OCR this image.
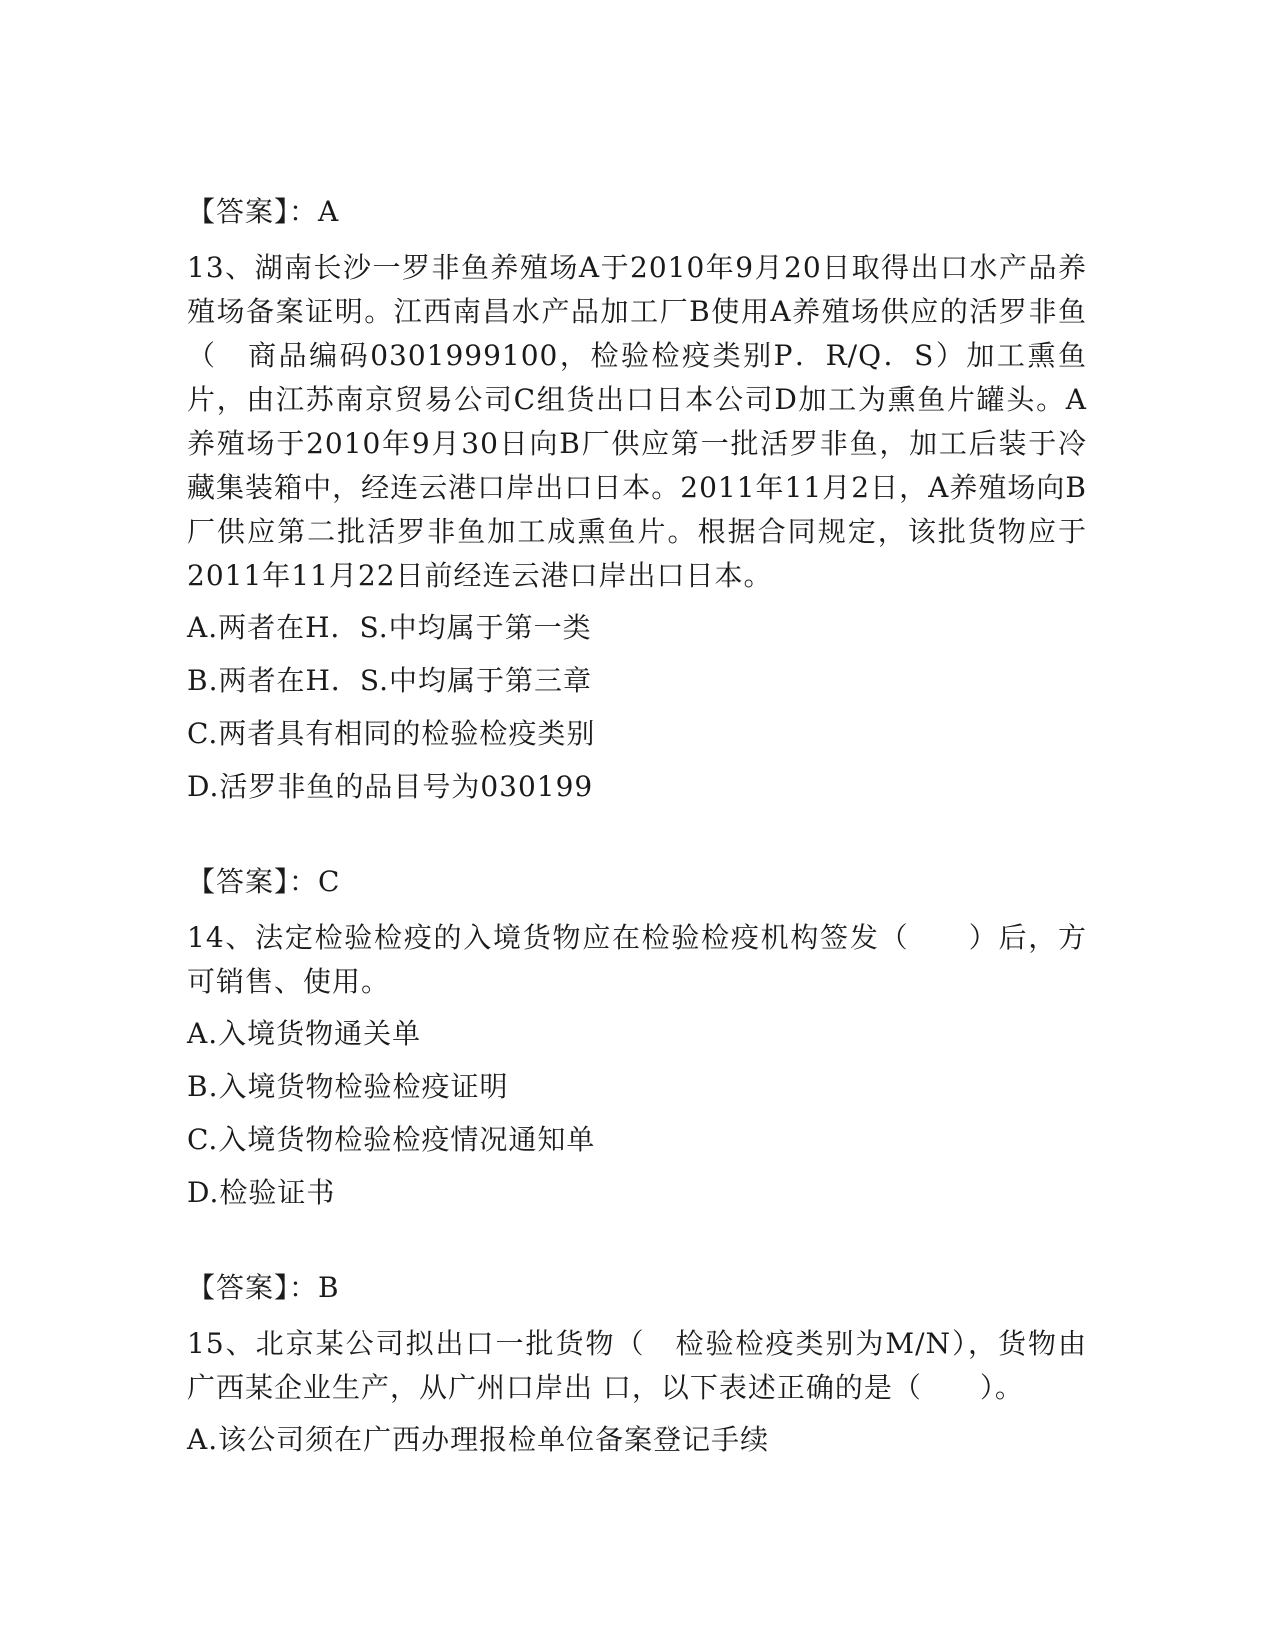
【答案】：A

13、湖南长沙一罗非鱼养殖场A于2010年9月20日取得出口水产品养殖场备案证明。江西南昌水产品加工厂B使用A养殖场供应的活罗非鱼（　商品编码0301999100，检验检疫类别P．R/Q．S）加工熏鱼片，由江苏南京贸易公司C组货出口日本公司D加工为熏鱼片罐头。A养殖场于2010年9月30日向B厂供应第一批活罗非鱼，加工后装于冷藏集装箱中，经连云港口岸出口日本。2011年11月2日，A养殖场向B厂供应第二批活罗非鱼加工成熏鱼片。根据合同规定，该批货物应于2011年11月22日前经连云港口岸出口日本。

A.两者在H．S.中均属于第一类

B.两者在H．S.中均属于第三章

C.两者具有相同的检验检疫类别

D.活罗非鱼的品目号为030199

【答案】：C

14、法定检验检疫的入境货物应在检验检疫机构签发（　　）后，方可销售、使用。

A.入境货物通关单

B.入境货物检验检疫证明

C.入境货物检验检疫情况通知单

D.检验证书

【答案】：B

15、北京某公司拟出口一批货物（　检验检疫类别为M/N），货物由广西某企业生产，从广州口岸出 口，以下表述正确的是（　　）。

A.该公司须在广西办理报检单位备案登记手续
